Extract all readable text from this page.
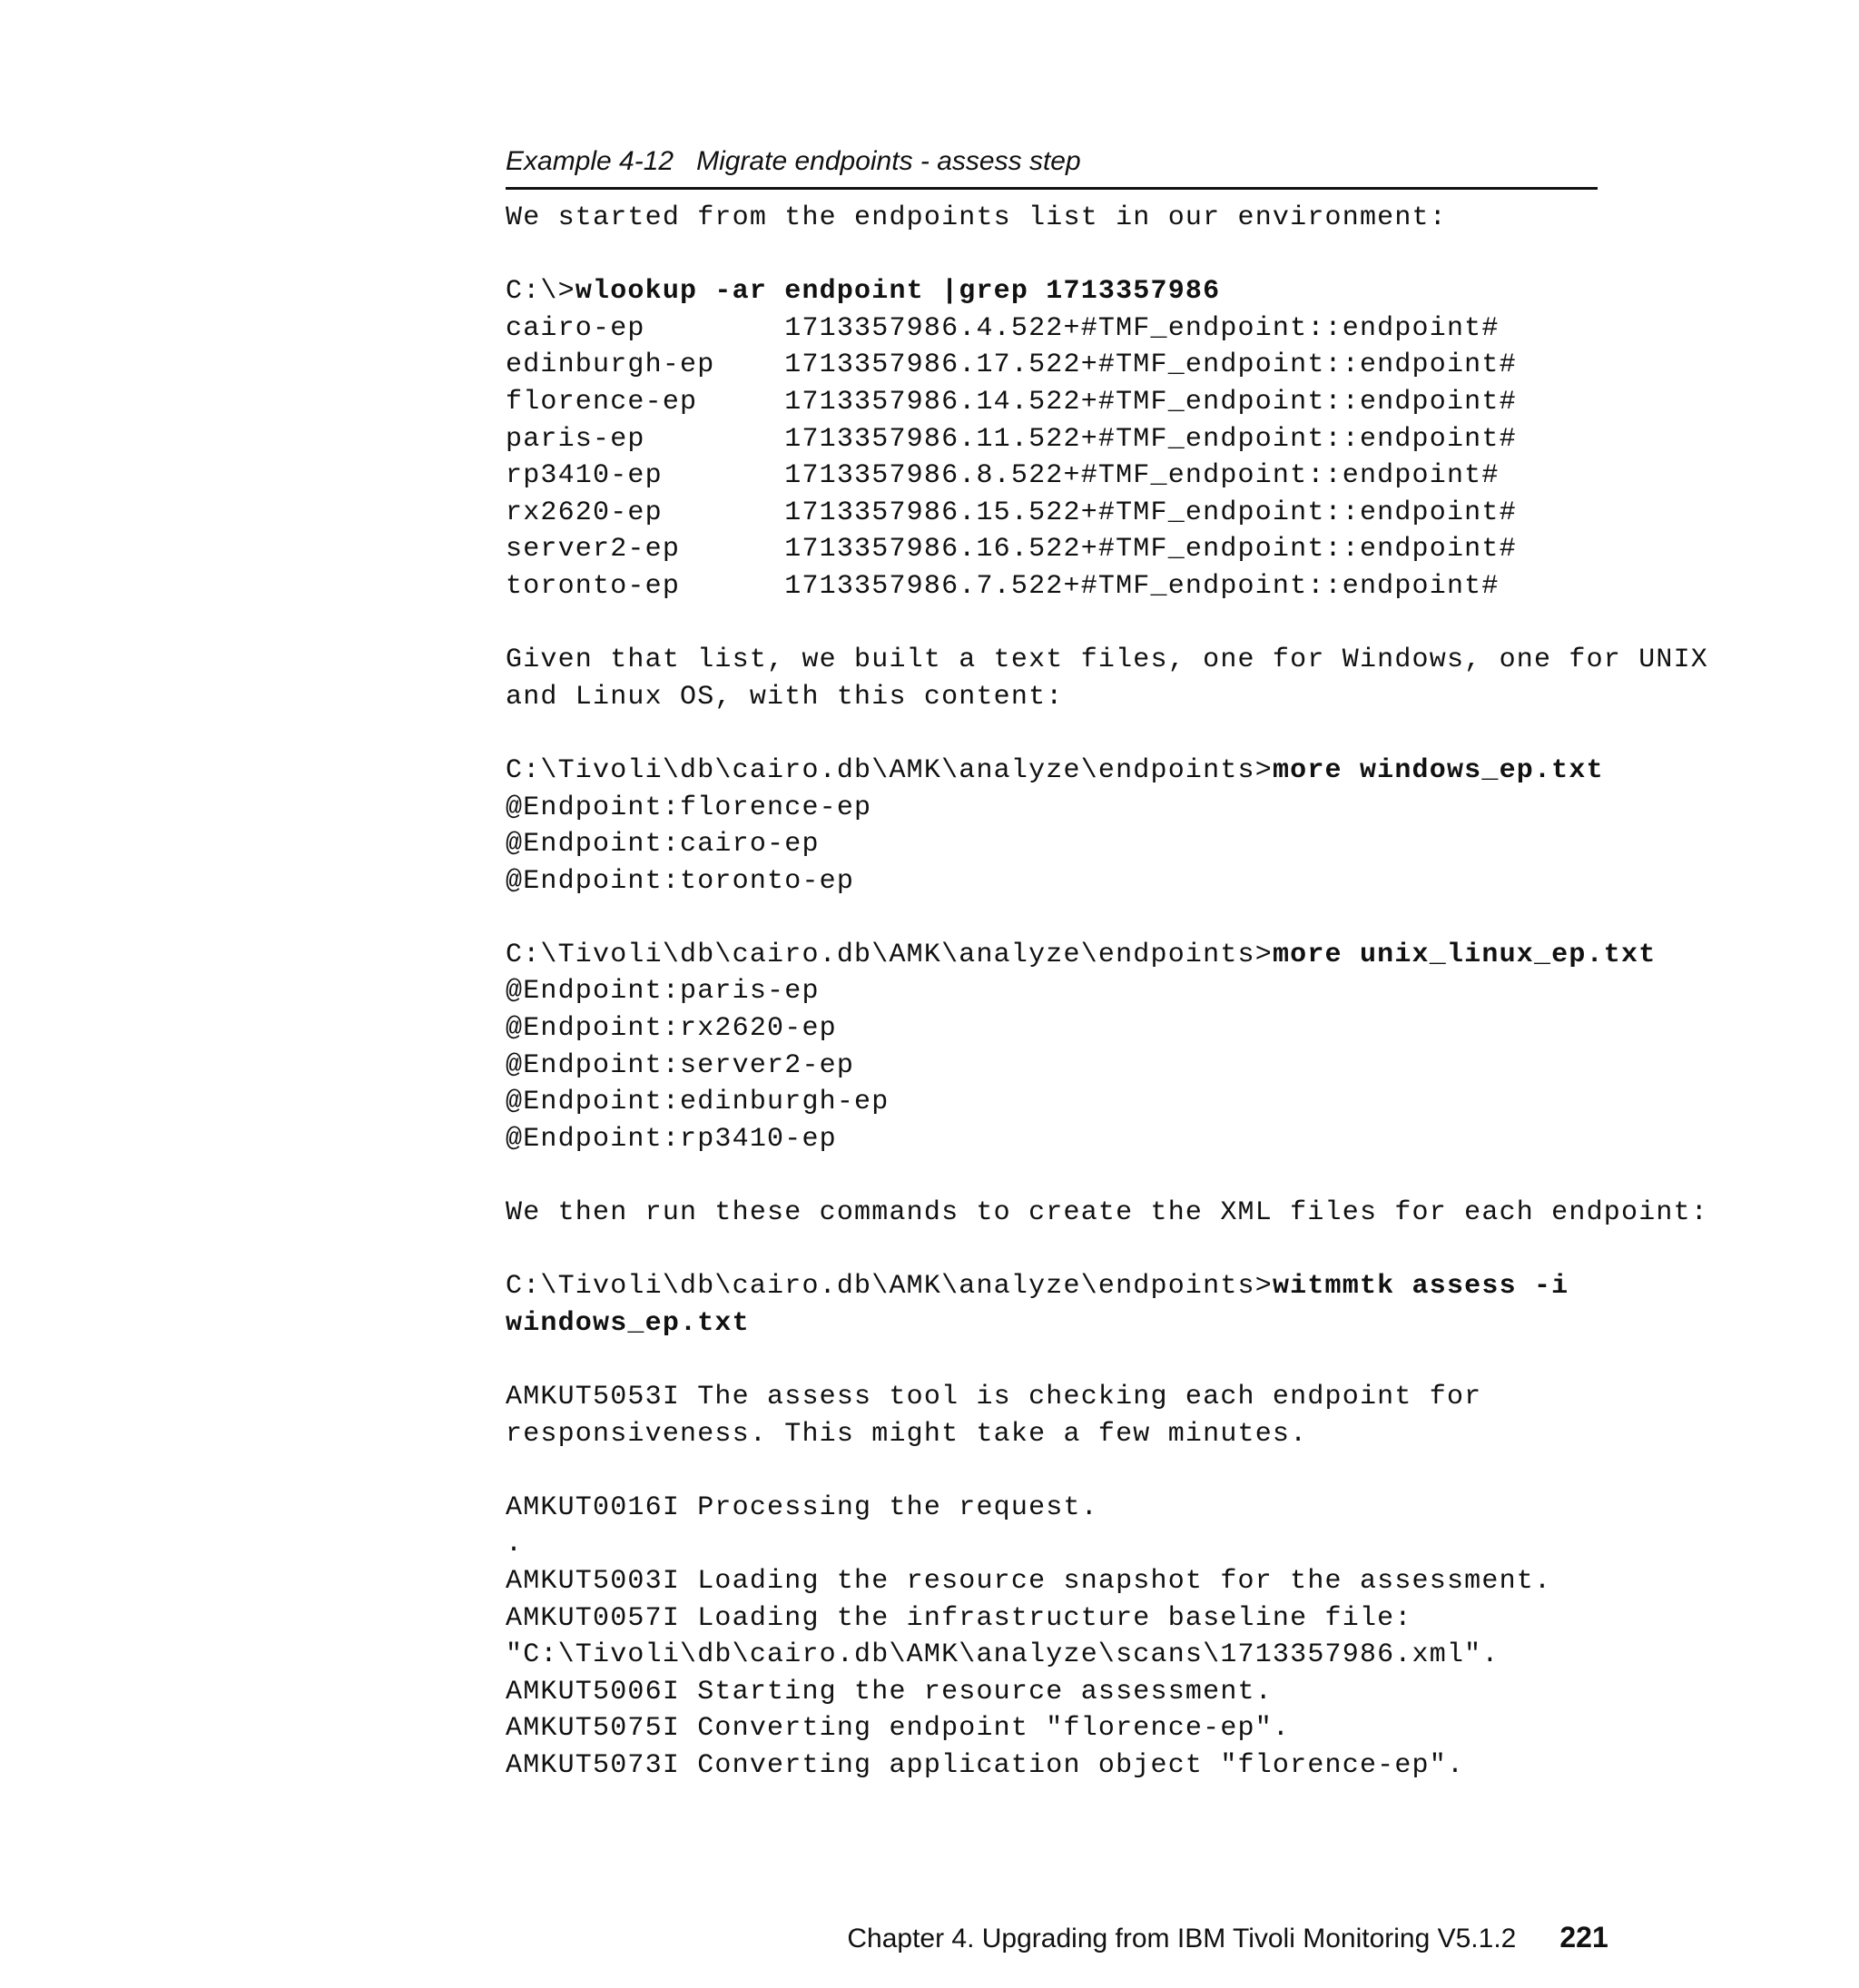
Example 4-12   Migrate endpoints - assess step
We started from the endpoints list in our environment:
C:\>wlookup -ar endpoint |grep 1713357986
cairo-ep        1713357986.4.522+#TMF_endpoint::endpoint#
edinburgh-ep    1713357986.17.522+#TMF_endpoint::endpoint#
florence-ep     1713357986.14.522+#TMF_endpoint::endpoint#
paris-ep        1713357986.11.522+#TMF_endpoint::endpoint#
rp3410-ep       1713357986.8.522+#TMF_endpoint::endpoint#
rx2620-ep       1713357986.15.522+#TMF_endpoint::endpoint#
server2-ep      1713357986.16.522+#TMF_endpoint::endpoint#
toronto-ep      1713357986.7.522+#TMF_endpoint::endpoint#
Given that list, we built a text files, one for Windows, one for UNIX
and Linux OS, with this content:
C:\Tivoli\db\cairo.db\AMK\analyze\endpoints>more windows_ep.txt
@Endpoint:florence-ep
@Endpoint:cairo-ep
@Endpoint:toronto-ep
C:\Tivoli\db\cairo.db\AMK\analyze\endpoints>more unix_linux_ep.txt
@Endpoint:paris-ep
@Endpoint:rx2620-ep
@Endpoint:server2-ep
@Endpoint:edinburgh-ep
@Endpoint:rp3410-ep
We then run these commands to create the XML files for each endpoint:
C:\Tivoli\db\cairo.db\AMK\analyze\endpoints>witmmtk assess -i
windows_ep.txt
AMKUT5053I The assess tool is checking each endpoint for
responsiveness. This might take a few minutes.
AMKUT0016I Processing the request.
.
AMKUT5003I Loading the resource snapshot for the assessment.
AMKUT0057I Loading the infrastructure baseline file:
"C:\Tivoli\db\cairo.db\AMK\analyze\scans\1713357986.xml".
AMKUT5006I Starting the resource assessment.
AMKUT5075I Converting endpoint "florence-ep".
AMKUT5073I Converting application object "florence-ep".

Chapter 4. Upgrading from IBM Tivoli Monitoring V5.1.2 221
